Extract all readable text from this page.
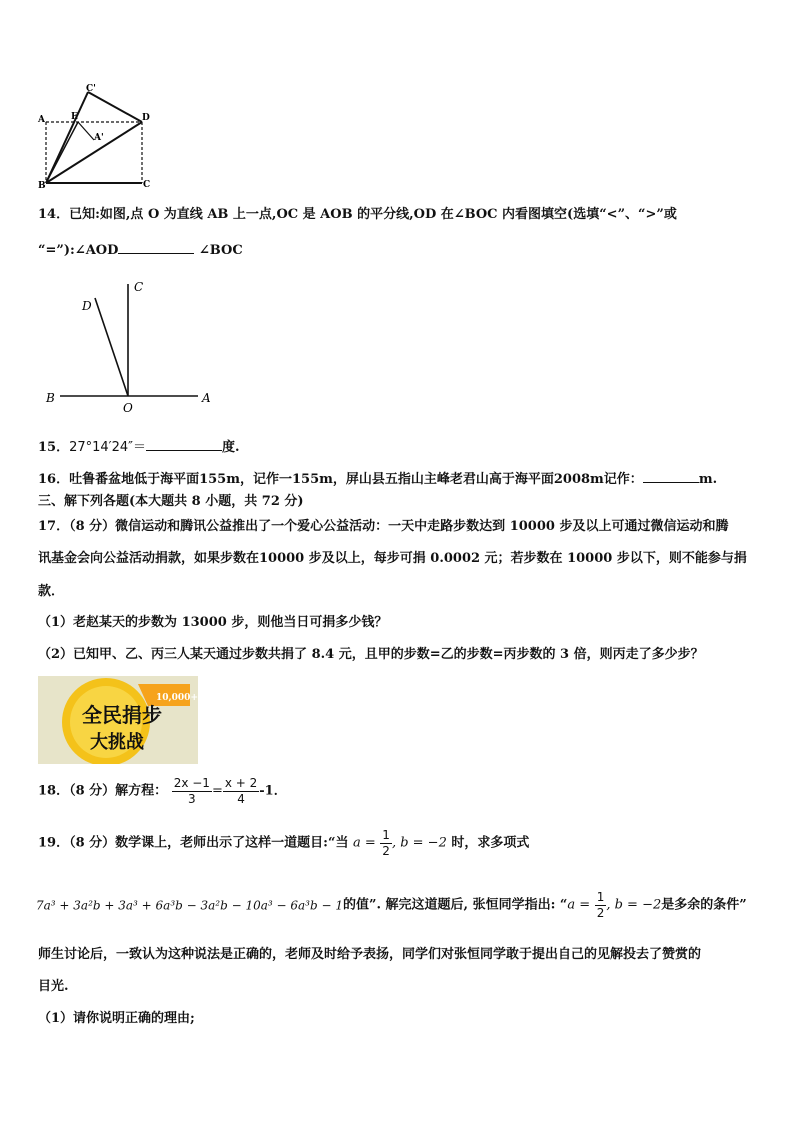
C'
E	D
A
A'
B	C
14．已知:如图,点 O 为直线 AB 上一点,OC 是 AOB 的平分线,OD 在∠BOC 内看图填空(选填“<”、“>”或
“=”):∠AOD	∠BOC
D
C
B
O
A
15．27°14′24″＝	度.
16．吐鲁番盆地低于海平面155m，记作一155m，屏山县五指山主峰老君山高于海平面2008m记作：	m.
三、解下列各题(本大题共 8 小题，共 72 分)
17．（8 分）微信运动和腾讯公益推出了一个爱心公益活动：一天中走路步数达到 10000 步及以上可通过微信运动和腾
讯基金会向公益活动捐款，如果步数在10000 步及以上，每步可捐 0.0002 元；若步数在 10000 步以下，则不能参与捐
款．
（1）老赵某天的步数为 13000 步，则他当日可捐多少钱？
（2）已知甲、乙、丙三人某天通过步数共捐了 8.4 元，且甲的步数=乙的步数=丙步数的 3 倍，则丙走了多少步？
10,000+
全民捐步
大挑战
18．（8 分）解方程： $\frac{2x -1}{3} = \frac{x + 2}{4} -1$．
19．（8 分）数学课上，老师出示了这样一道题目:“当 $a = \frac{1}{2}$ , b = −2 时，求多项式
7a³ + 3a²b + 3a³ + 6a³b − 3a²b − 10a³ − 6a³b − 1的值”. 解完这道题后, 张恒同学指出: “$a = \frac{1}{2}$ , b = −2是多余的条件”
师生讨论后，一致认为这种说法是正确的，老师及时给予表扬，同学们对张恒同学敢于提出自己的见解投去了赞赏的
目光.
（1）请你说明正确的理由;
